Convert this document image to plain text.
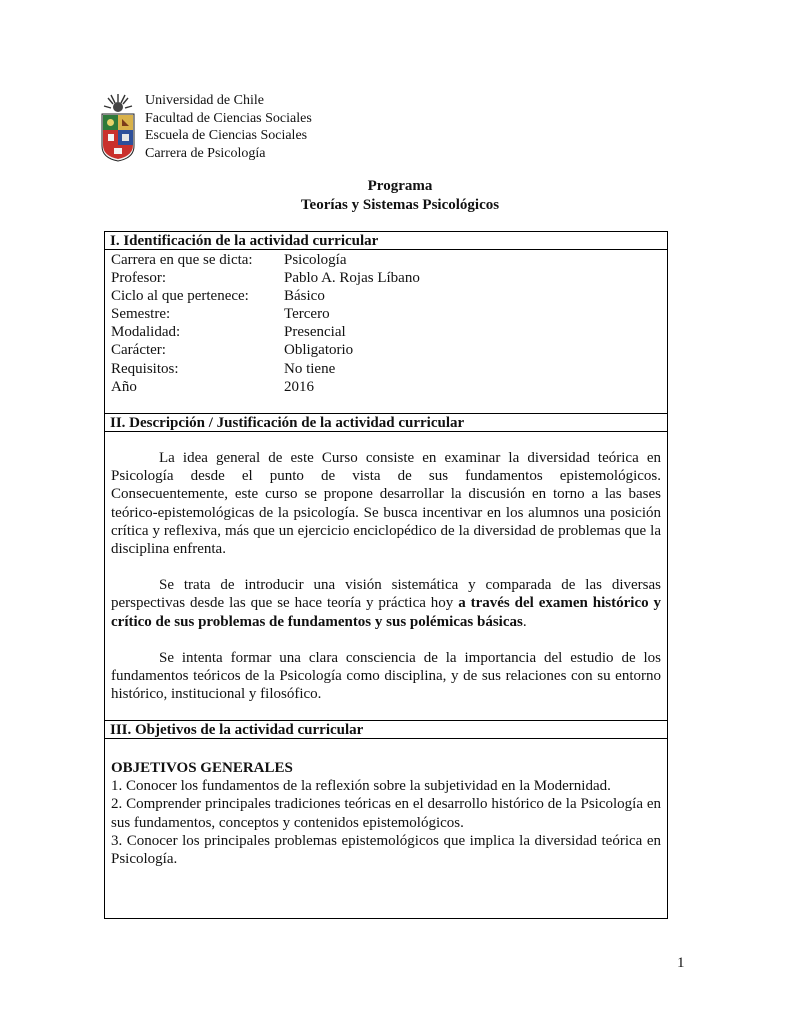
Universidad de Chile
Facultad de Ciencias Sociales
Escuela de Ciencias Sociales
Carrera de Psicología
Programa
Teorías y Sistemas Psicológicos
I. Identificación de la actividad curricular
Carrera en que se dicta: Psicología
Profesor:	Pablo A. Rojas Líbano
Ciclo al que pertenece: Básico
Semestre:	Tercero
Modalidad:	Presencial
Carácter:	Obligatorio
Requisitos:	No tiene
Año	2016
II. Descripción / Justificación de la actividad curricular

La idea general de este Curso consiste en examinar la diversidad teórica en Psicología desde el punto de vista de sus fundamentos epistemológicos. Consecuentemente, este curso se propone desarrollar la discusión en torno a las bases teórico‑epistemológicas de la psicología. Se busca incentivar en los alumnos una posición crítica y reflexiva, más que un ejercicio enciclopédico de la diversidad de problemas que la disciplina enfrenta.

Se trata de introducir una visión sistemática y comparada de las diversas perspectivas desde las que se hace teoría y práctica hoy a través del examen histórico y crítico de sus problemas de fundamentos y sus polémicas básicas.

Se intenta formar una clara consciencia de la importancia del estudio de los fundamentos teóricos de la Psicología como disciplina, y de sus relaciones con su entorno histórico, institucional y filosófico.

III. Objetivos de la actividad curricular
OBJETIVOS GENERALES

1. Conocer los fundamentos de la reflexión sobre la subjetividad en la Modernidad.

2. Comprender principales tradiciones teóricas en el desarrollo histórico de la Psicología en sus fundamentos, conceptos y contenidos epistemológicos.

3. Conocer los principales problemas epistemológicos que implica la diversidad teórica en Psicología.

1
